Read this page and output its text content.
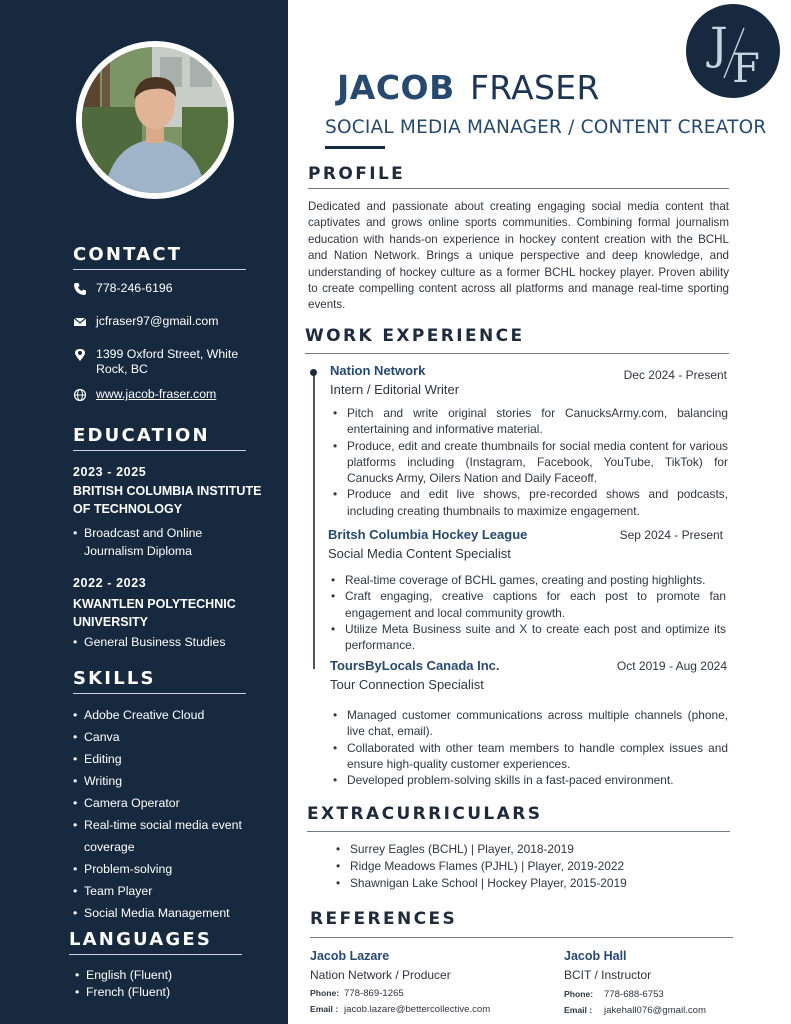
CONTACT
778-246-6196
jcfraser97@gmail.com
1399 Oxford Street, White Rock, BC
www.jacob-fraser.com
EDUCATION
2023 - 2025
BRITISH COLUMBIA INSTITUTE OF TECHNOLOGY
• Broadcast and Online Journalism Diploma
2022 - 2023
KWANTLEN POLYTECHNIC UNIVERSITY
• General Business Studies
SKILLS
• Adobe Creative Cloud
• Canva
• Editing
• Writing
• Camera Operator
• Real-time social media event coverage
• Problem-solving
• Team Player
• Social Media Management
LANGUAGES
• English (Fluent)
• French (Fluent)
J F
JACOB FRASER
SOCIAL MEDIA MANAGER / CONTENT CREATOR
PROFILE
Dedicated and passionate about creating engaging social media content that captivates and grows online sports communities. Combining formal journalism education with hands-on experience in hockey content creation with the BCHL and Nation Network. Brings a unique perspective and deep knowledge, and understanding of hockey culture as a former BCHL hockey player. Proven ability to create compelling content across all platforms and manage real-time sporting events.
WORK EXPERIENCE
Nation Network
Intern / Editorial Writer
Dec 2024 - Present
• Pitch and write original stories for CanucksArmy.com, balancing entertaining and informative material.
• Produce, edit and create thumbnails for social media content for various platforms including (Instagram, Facebook, YouTube, TikTok) for Canucks Army, Oilers Nation and Daily Faceoff.
• Produce and edit live shows, pre-recorded shows and podcasts, including creating thumbnails to maximize engagement.
Britsh Columbia Hockey League
Social Media Content Specialist
Sep 2024 - Present
• Real-time coverage of BCHL games, creating and posting highlights.
• Craft engaging, creative captions for each post to promote fan engagement and local community growth.
• Utilize Meta Business suite and X to create each post and optimize its performance.
ToursByLocals Canada Inc.
Tour Connection Specialist
Oct 2019 - Aug 2024
• Managed customer communications across multiple channels (phone, live chat, email).
• Collaborated with other team members to handle complex issues and ensure high-quality customer experiences.
• Developed problem-solving skills in a fast-paced environment.
EXTRACURRICULARS
• Surrey Eagles (BCHL) | Player, 2018-2019
• Ridge Meadows Flames (PJHL) | Player, 2019-2022
• Shawnigan Lake School | Hockey Player, 2015-2019
REFERENCES
Jacob Lazare
Nation Network / Producer
Phone: 778-869-1265
Email : jacob.lazare@bettercollective.com
Jacob Hall
BCIT / Instructor
Phone:	778-688-6753
Email :	jakehall076@gmail.com
